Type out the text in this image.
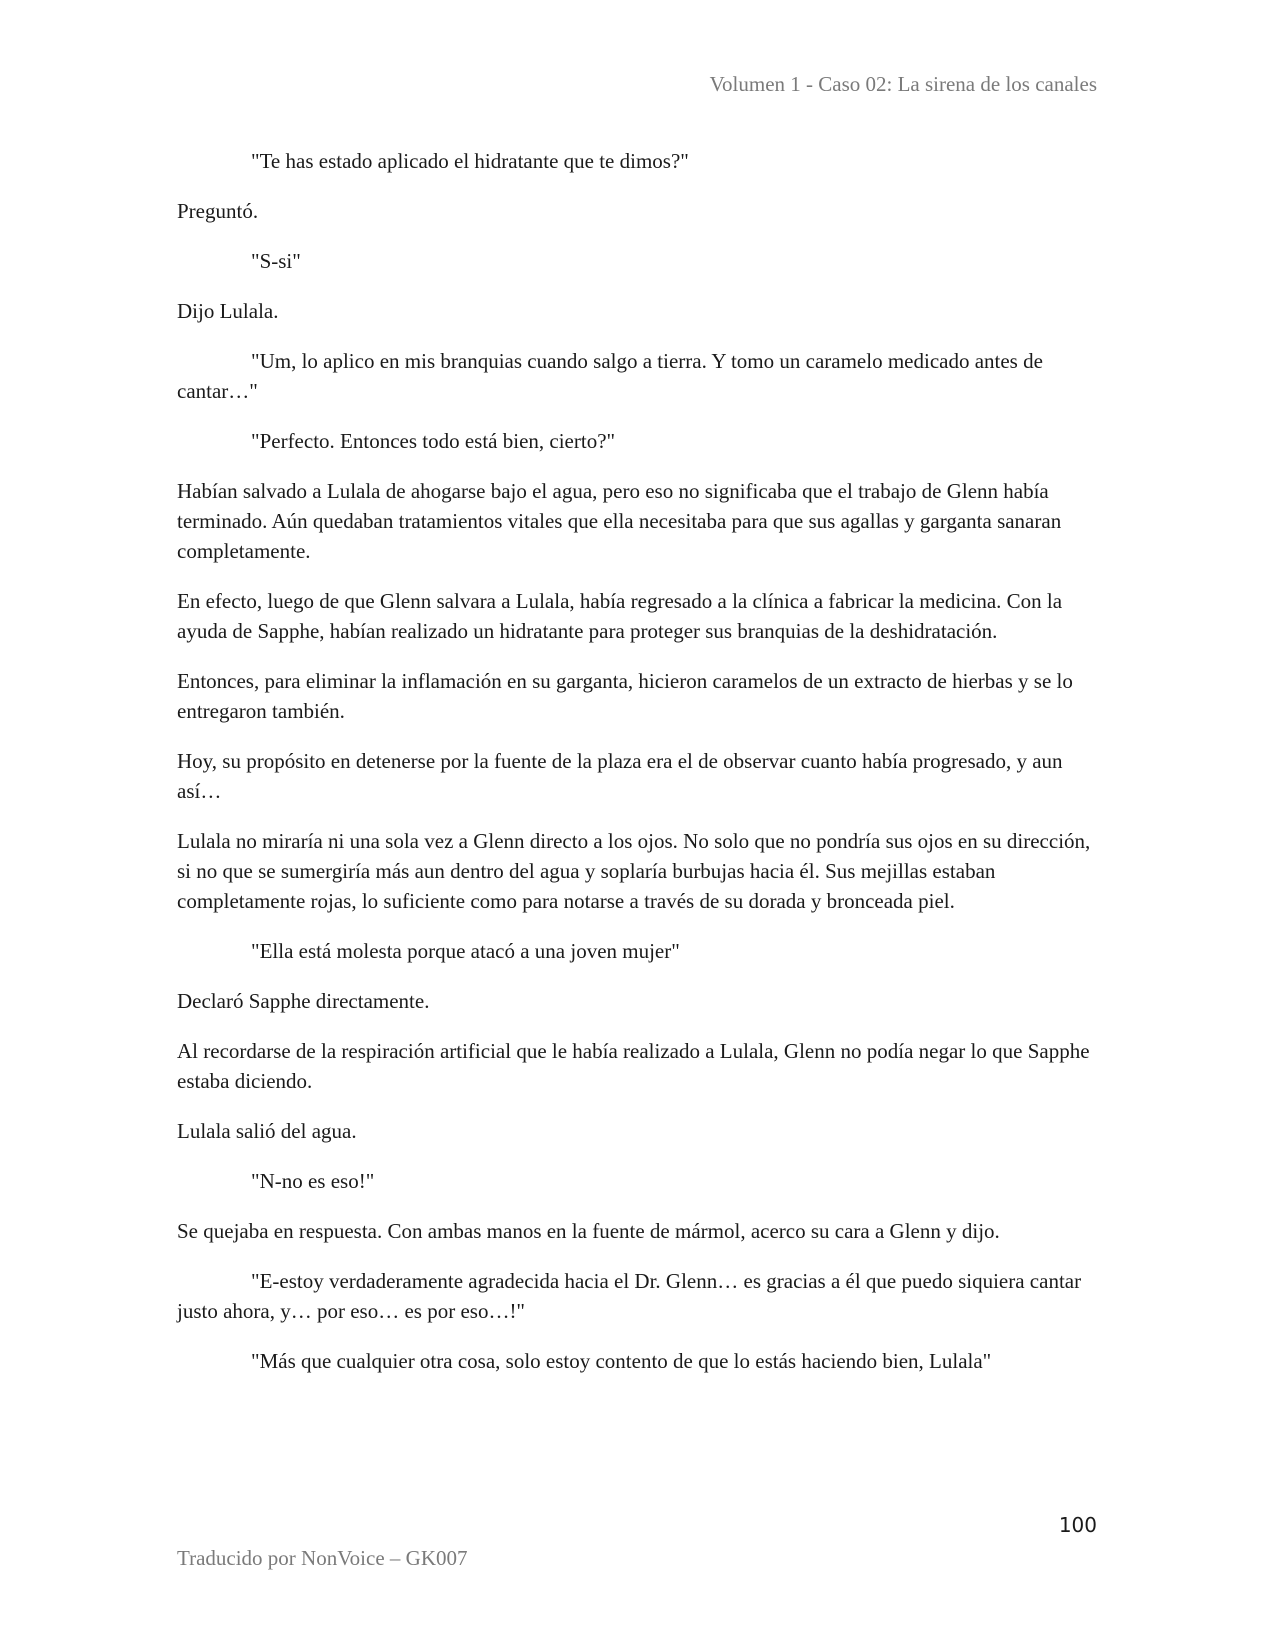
Volumen 1 - Caso 02: La sirena de los canales

"Te has estado aplicado el hidratante que te dimos?"

Preguntó.

"S-si"

Dijo Lulala.

"Um, lo aplico en mis branquias cuando salgo a tierra. Y tomo un caramelo medicado antes de cantar…"

"Perfecto. Entonces todo está bien, cierto?"

Habían salvado a Lulala de ahogarse bajo el agua, pero eso no significaba que el trabajo de Glenn había terminado. Aún quedaban tratamientos vitales que ella necesitaba para que sus agallas y garganta sanaran completamente.

En efecto, luego de que Glenn salvara a Lulala, había regresado a la clínica a fabricar la medicina. Con la ayuda de Sapphe, habían realizado un hidratante para proteger sus branquias de la deshidratación.

Entonces, para eliminar la inflamación en su garganta, hicieron caramelos de un extracto de hierbas y se lo entregaron también.

Hoy, su propósito en detenerse por la fuente de la plaza era el de observar cuanto había progresado, y aun así…

Lulala no miraría ni una sola vez a Glenn directo a los ojos. No solo que no pondría sus ojos en su dirección, si no que se sumergiría más aun dentro del agua y soplaría burbujas hacia él. Sus mejillas estaban completamente rojas, lo suficiente como para notarse a través de su dorada y bronceada piel.

"Ella está molesta porque atacó a una joven mujer"

Declaró Sapphe directamente.

Al recordarse de la respiración artificial que le había realizado a Lulala, Glenn no podía negar lo que Sapphe estaba diciendo.

Lulala salió del agua.

"N-no es eso!"

Se quejaba en respuesta. Con ambas manos en la fuente de mármol, acerco su cara a Glenn y dijo.

"E-estoy verdaderamente agradecida hacia el Dr. Glenn… es gracias a él que puedo siquiera cantar justo ahora, y… por eso… es por eso…!"

"Más que cualquier otra cosa, solo estoy contento de que lo estás haciendo bien, Lulala"

100
Traducido por NonVoice – GK007
